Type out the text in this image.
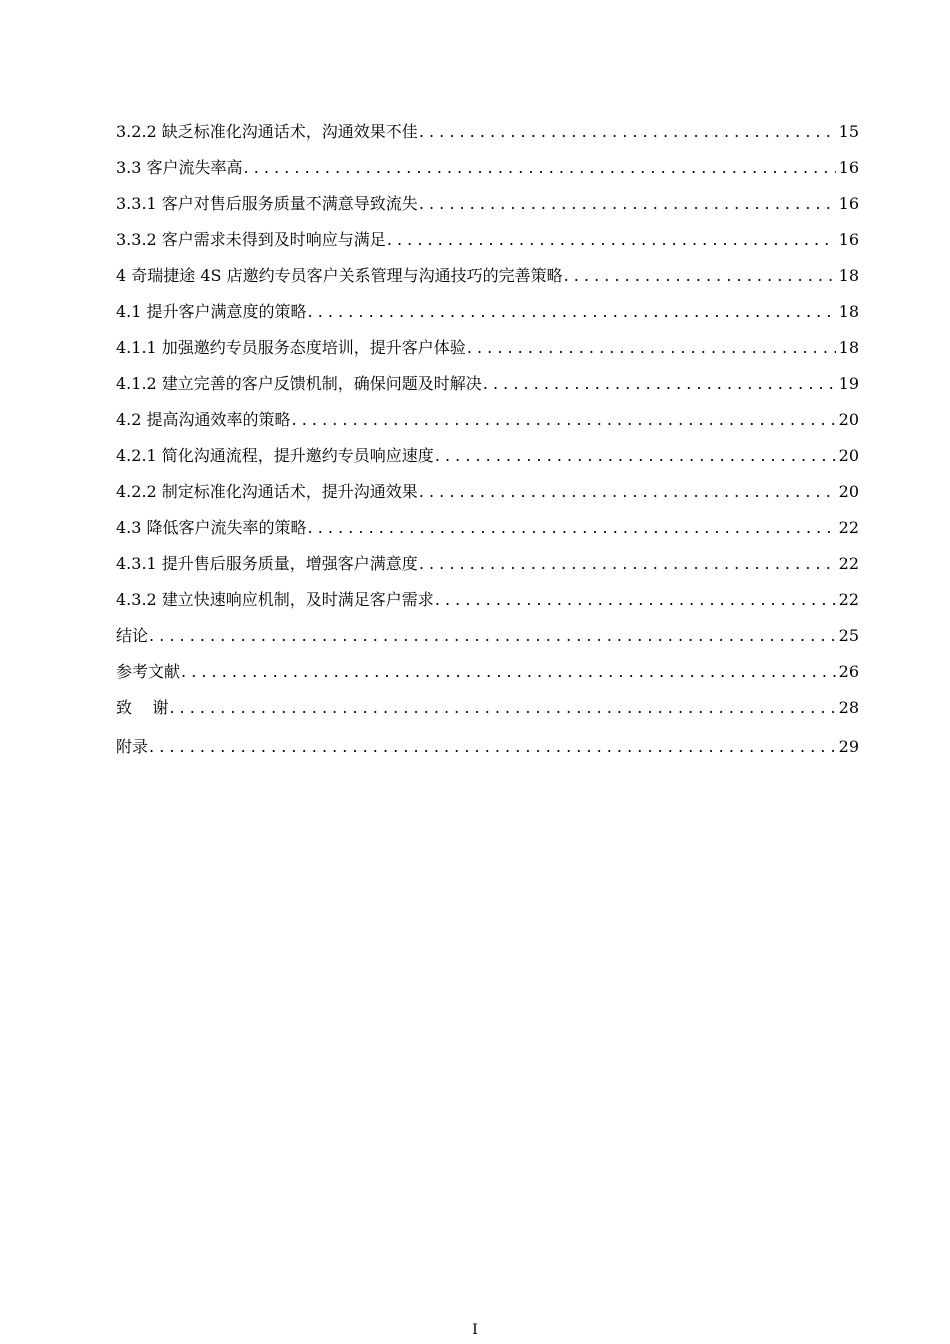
3.2.2 缺乏标准化沟通话术，沟通效果不佳 . . .	15
3.3 客户流失率高 . . .	16
3.3.1 客户对售后服务质量不满意导致流失 . . .	16
3.3.2 客户需求未得到及时响应与满足 . . .	16
4 奇瑞捷途 4S 店邀约专员客户关系管理与沟通技巧的完善策略 . . .	18
4.1 提升客户满意度的策略 . . .	18
4.1.1 加强邀约专员服务态度培训，提升客户体验 . . .	18
4.1.2 建立完善的客户反馈机制，确保问题及时解决 . . .	19
4.2 提高沟通效率的策略 . . .	20
4.2.1 简化沟通流程，提升邀约专员响应速度 . . .	20
4.2.2 制定标准化沟通话术，提升沟通效果 . . .	20
4.3 降低客户流失率的策略 . . .	22
4.3.1 提升售后服务质量，增强客户满意度 . . .	22
4.3.2 建立快速响应机制，及时满足客户需求 . . .	22
结论 . . .	25
参考文献 . . .	26
致    谢 . . .	28
附录 . . .	29
I
